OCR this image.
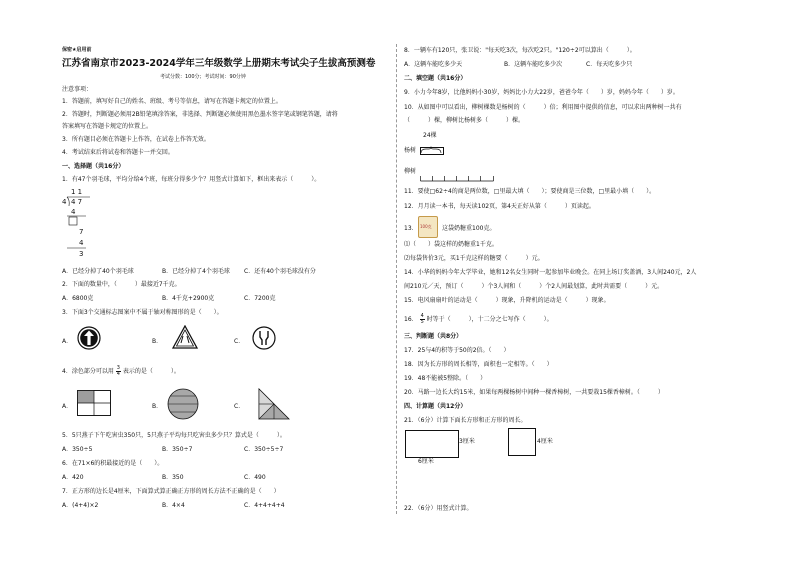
保密★启用前
江苏省南京市2023-2024学年三年级数学上册期末考试尖子生拔高预测卷
考试分数：100分；考试时间：90分钟
注意事项：
1．答题前，填写好自己的姓名、班级、考号等信息，请写在答题卡规定的位置上。
2．答题时，判断题必须用2B铅笔填涂答案，非选择、判断题必须使用黑色墨水签字笔或钢笔答题，请将
答案填写在答题卡规定的位置上。
3．所有题目必须在答题卡上作答，在试卷上作答无效。
4．考试结束后将试卷和答题卡一并交回。
一、选择题（共16分）
1．有47个羽毛球，平均分给4个班，每班分得多少个？用竖式计算如下，框出来表示（　　　）。
1 1
4 4 7
4
7
4
3
A．已经分掉了40个羽毛球	B．已经分掉了4个羽毛球 C．还有40个羽毛球没有分
2．下面的数量中，（　　　）最接近7千克。
A．6800克	B．4千克+2900克	C．7200克
3．下面3个交通标志图案中不属于轴对称图形的是（　　）。
A．	B．	C．
4．涂色部分可以用 $\frac{3}{4}$ 表示的是（　　　）。
A．	B．	C．
5．5只燕子下午吃害虫350只，5只燕子平均每只吃害虫多少只？算式是（　　　）。
A．350÷5	B．350÷7	C．350÷5÷7
6．在71×6的积最接近的是（　　）。
A．420	B．350	C．490
7．正方形的边长是4厘米，下面算式算正确正方形的周长方法不正确的是（　　）
A．(4+4)×2	B．4×4	C．4+4+4+4
8．一辆车有120只，张卫说："每天吃3次，每次吃2只。"120÷2可以算出（　　　）。
A．这辆车能吃多少天	B．这辆车能吃多少次	C．每天吃多少只
二、填空题（共16分）
9．小力今年8岁，比他妈妈小30岁，妈妈比小力大22岁，爸爸今年（　　）岁，妈妈今年（　　）岁。
10．从如图中可以看出，柳树棵数是杨树的（　　　）倍；利用图中提供的信息，可以求出两种树一共有
（　　　）棵，柳树比杨树多（　　　）棵。
24棵
杨树
柳树
11．要使□62÷4的商是两位数，□里最大填（　　）；要使商是三位数，□里最小填（　　）。
12．月月读一本书，每天读102页，第4天正好从第（　　　）页读起。
13． 100克 这袋奶糖重100克。
⑴（　　）袋这样的奶糖重1千克。
⑵每袋售价3元，买1千克这样的糖要（　　　）元。
14．小华的妈妈今年大学毕业，她和12名女生同时一起参加毕业晚会。在同上场订奖盖酒，3人间240元，2人
间210元／天，预订（　　　）个3人间和（　　　）个2人间最划算，此时共需要（　　　）元。
15．电风扇扇叶的运动是（　　　）现象，升降机的运动是（　　　）现象。
16． $\frac{4}{5}$ 时等于（　　　），十二分之七写作（　　　）。
三、判断题（共8分）
17．25与4的积等于50的2倍。（　　）
18．因为长方形的周长相等，面积也一定相等。（　　）
19．48不能被5整除。（　　）
20．马路一边长大约15米，如果每两棵杨树中间种一棵香樟树，一共要栽15棵香樟树。（　　　）
四、计算题（共12分）
21．（6分）计算下面长方形和正方形的周长。
3厘米
6厘米
4厘米
22．（6分）用竖式计算。
